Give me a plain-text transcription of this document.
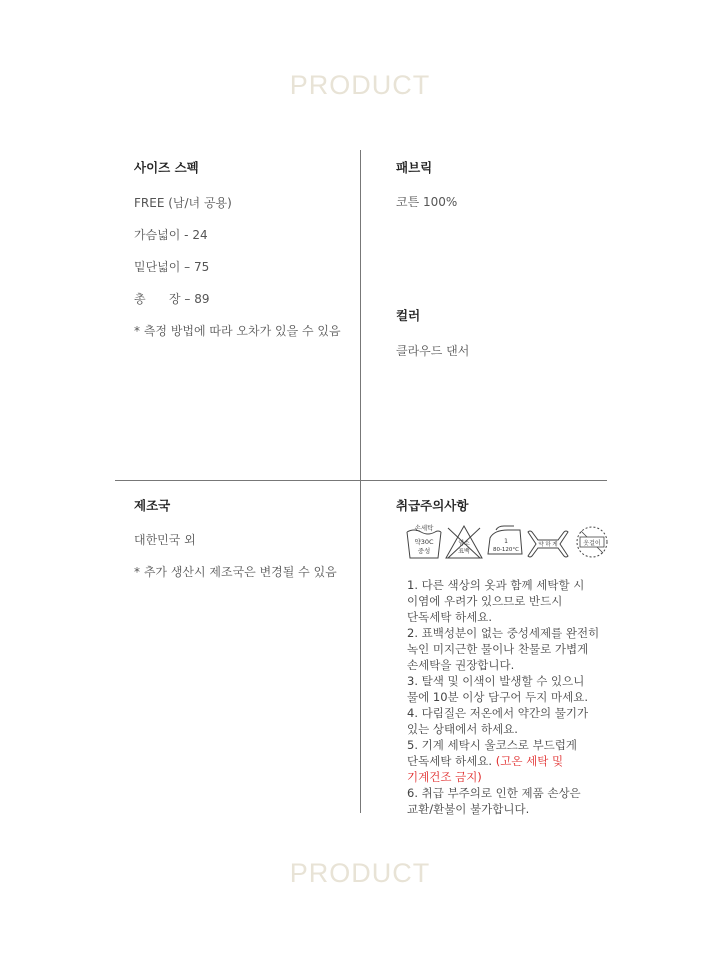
PRODUCT
사이즈 스펙
FREE (남/녀 공용)
가슴넓이 - 24
밑단넓이 – 75
총 장 – 89
* 측정 방법에 따라 오차가 있을 수 있음
패브릭
코튼 100%
컬러
클라우드 댄서
제조국
대한민국 외
* 추가 생산시 제조국은 변경될 수 있음
취급주의사항
손세탁
약30C
중성
염소
표백
1
80-120°C
약 하 게	옷걸이
1. 다른 색상의 옷과 함께 세탁할 시
이염에 우려가 있으므로 반드시
단독세탁 하세요.
2. 표백성분이 없는 중성세제를 완전히
녹인 미지근한 물이나 찬물로 가볍게
손세탁을 권장합니다.
3. 탈색 및 이색이 발생할 수 있으니
물에 10분 이상 담구어 두지 마세요.
4. 다림질은 저온에서 약간의 물기가
있는 상태에서 하세요.
5. 기계 세탁시 울코스로 부드럽게
단독세탁 하세요. (고온 세탁 및
기계건조 금지)
6. 취급 부주의로 인한 제품 손상은
교환/환불이 불가합니다.
PRODUCT
